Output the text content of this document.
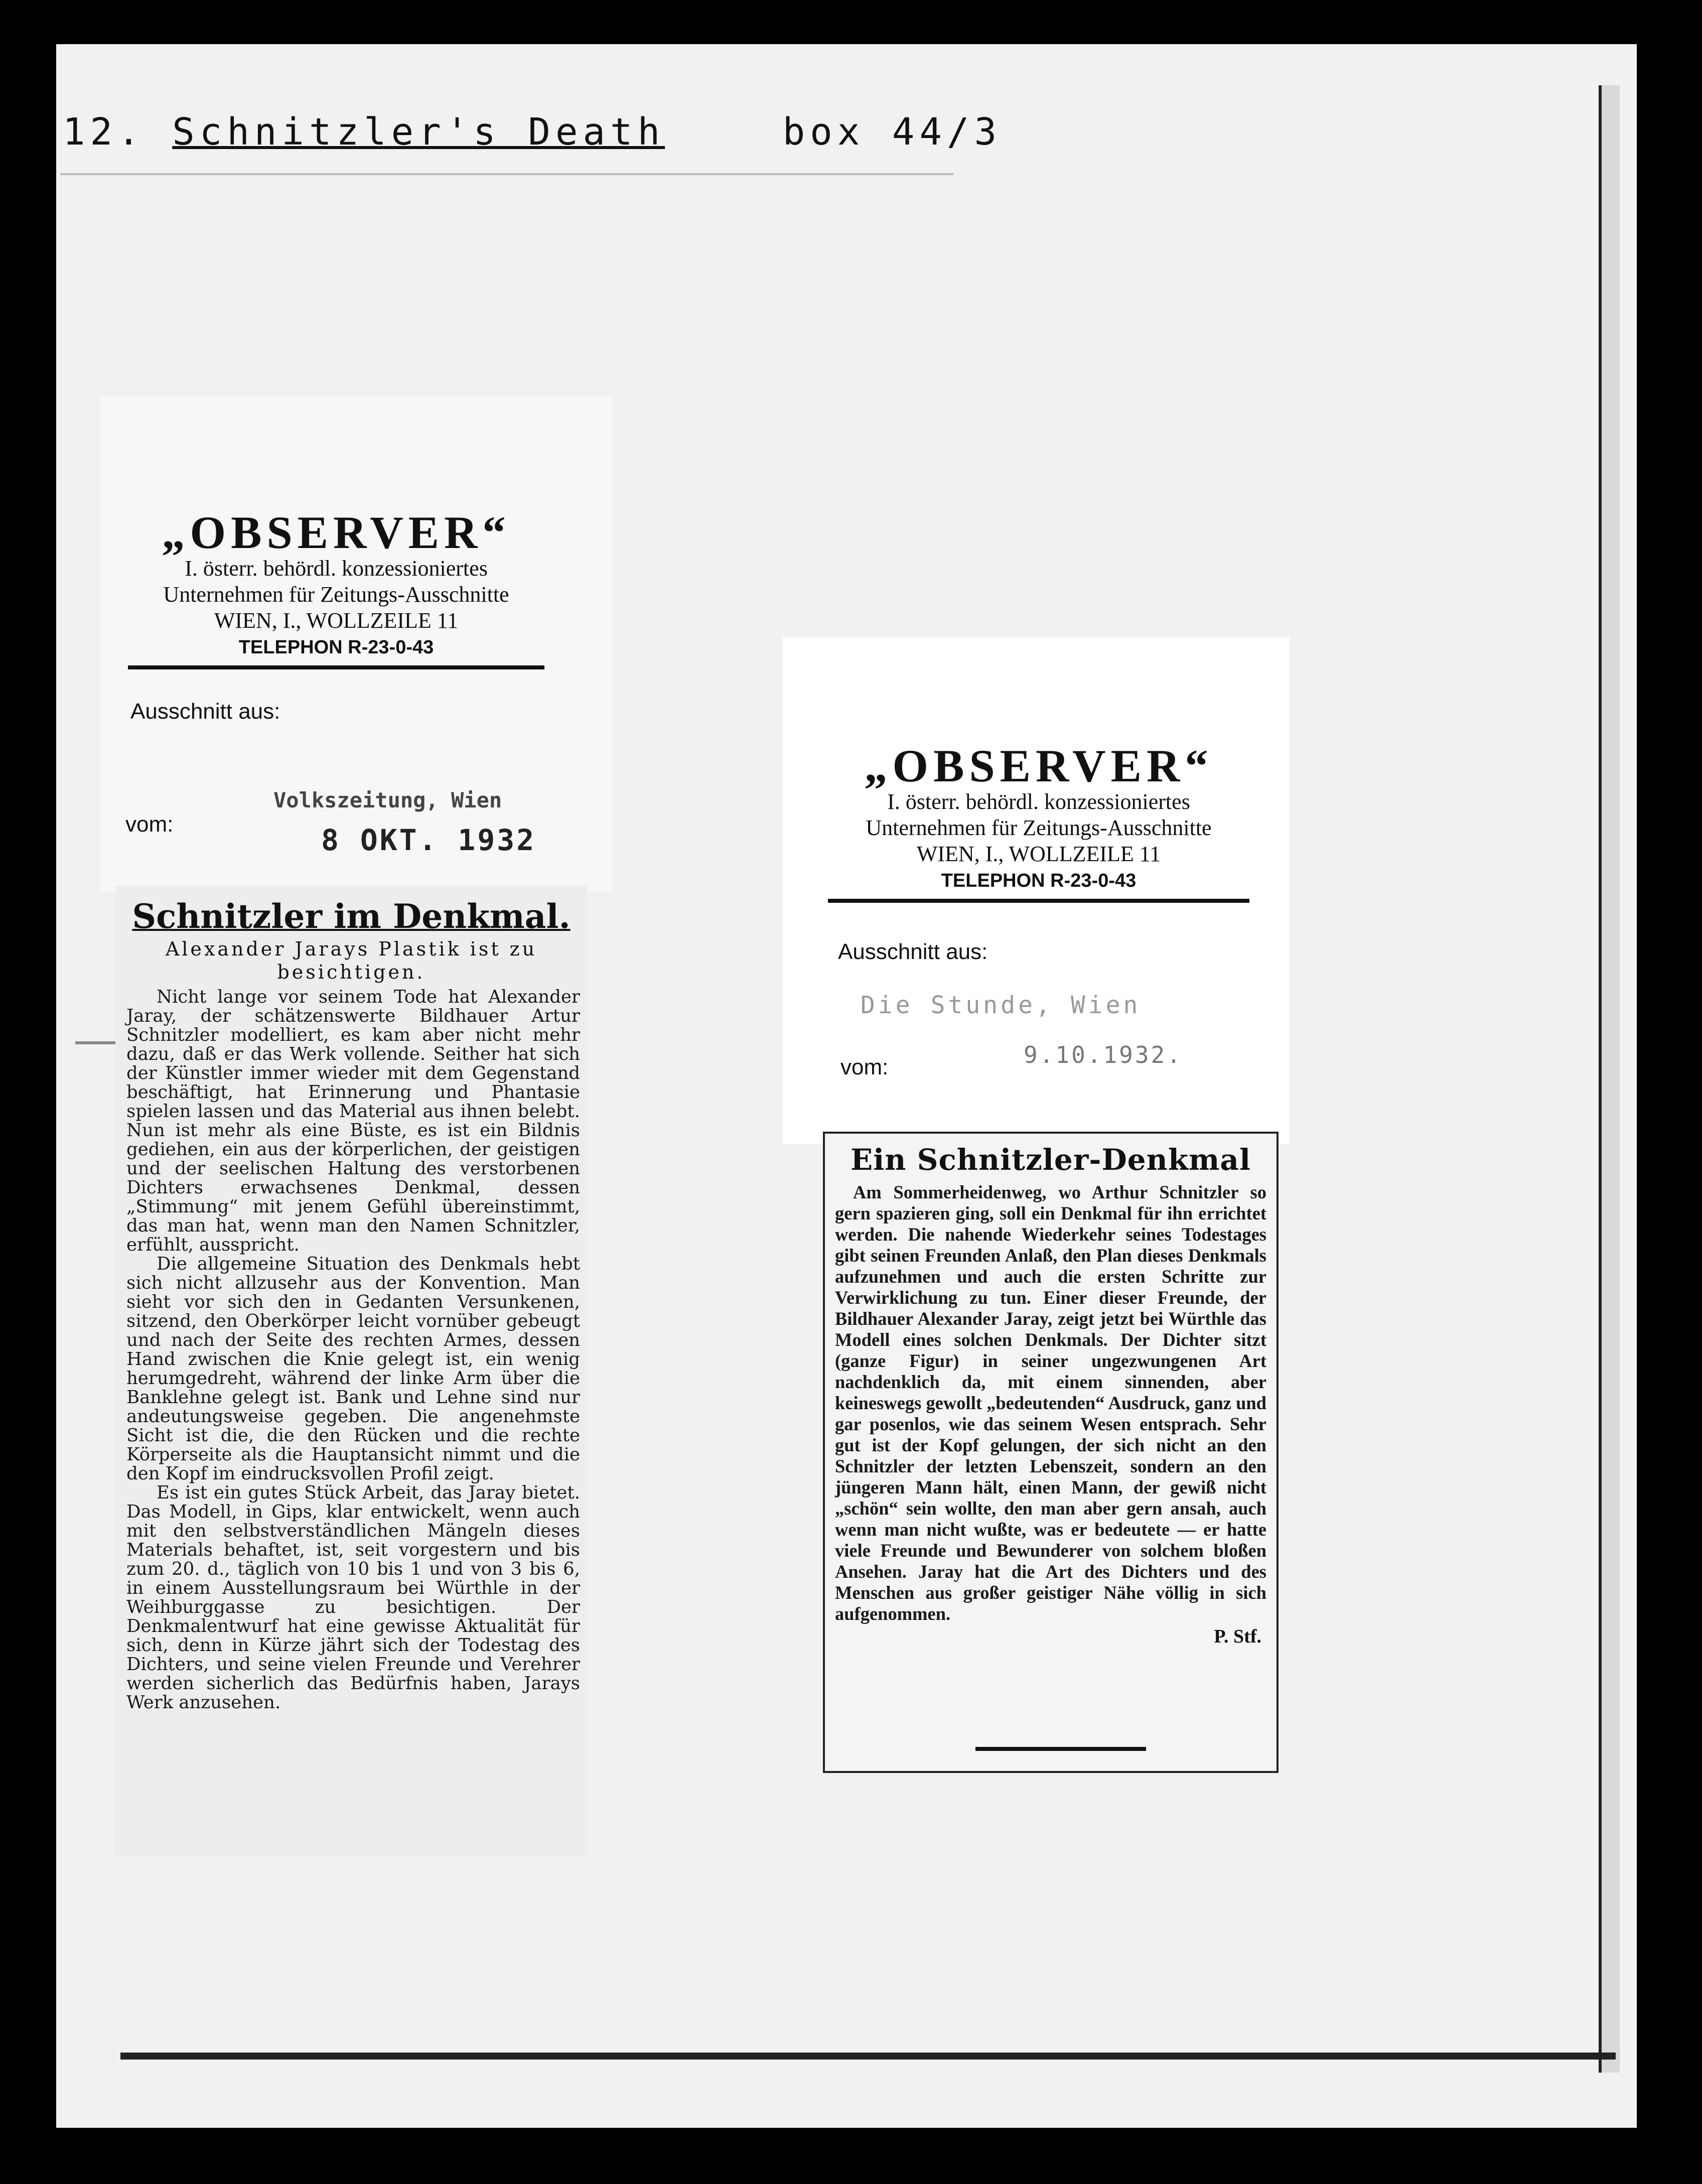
12. Schnitzler's Death	box 44/3
„OBSERVER“
I. österr. behördl. konzessioniertes
Unternehmen für Zeitungs-Ausschnitte
WIEN, I., WOLLZEILE 11
TELEPHON R-23-0-43
Ausschnitt aus:
vom:
Volkszeitung, Wien
8 OKT. 1932
Schnitzler im Denkmal.
Alexander Jarays Plastik ist zu besichtigen.

Nicht lange vor seinem Tode hat Alexander Jaray, der schätzenswerte Bildhauer Artur Schnitzler modelliert, es kam aber nicht mehr dazu, daß er das Werk vollende. Seither hat sich der Künstler immer wieder mit dem Gegenstand beschäftigt, hat Erinnerung und Phantasie spielen lassen und das Material aus ihnen belebt. Nun ist mehr als eine Büste, es ist ein Bildnis gediehen, ein aus der körperlichen, der geistigen und der seelischen Haltung des verstorbenen Dichters erwachsenes Denkmal, dessen „Stimmung“ mit jenem Gefühl übereinstimmt, das man hat, wenn man den Namen Schnitzler, erfühlt, ausspricht.

Die allgemeine Situation des Denkmals hebt sich nicht allzusehr aus der Konvention. Man sieht vor sich den in Gedanten Versunkenen, sitzend, den Oberkörper leicht vornüber gebeugt und nach der Seite des rechten Armes, dessen Hand zwischen die Knie gelegt ist, ein wenig herumgedreht, während der linke Arm über die Banklehne gelegt ist. Bank und Lehne sind nur andeutungsweise gegeben. Die angenehmste Sicht ist die, die den Rücken und die rechte Körperseite als die Hauptansicht nimmt und die den Kopf im eindrucksvollen Profil zeigt.

Es ist ein gutes Stück Arbeit, das Jaray bietet. Das Modell, in Gips, klar entwickelt, wenn auch mit den selbstverständlichen Mängeln dieses Materials behaftet, ist, seit vorgestern und bis zum 20. d., täglich von 10 bis 1 und von 3 bis 6, in einem Ausstellungsraum bei Würthle in der Weihburggasse zu besichtigen. Der Denkmalentwurf hat eine gewisse Aktualität für sich, denn in Kürze jährt sich der Todestag des Dichters, und seine vielen Freunde und Verehrer werden sicherlich das Bedürfnis haben, Jarays Werk anzusehen.

„OBSERVER“
I. österr. behördl. konzessioniertes
Unternehmen für Zeitungs-Ausschnitte
WIEN, I., WOLLZEILE 11
TELEPHON R-23-0-43
Ausschnitt aus:
vom:
Die Stunde, Wien
9.10.1932.
Ein Schnitzler-Denkmal

Am Sommerheidenweg, wo Arthur Schnitzler so gern spazieren ging, soll ein Denkmal für ihn errichtet werden. Die nahende Wiederkehr seines Todestages gibt seinen Freunden Anlaß, den Plan dieses Denkmals aufzunehmen und auch die ersten Schritte zur Verwirklichung zu tun. Einer dieser Freunde, der Bildhauer Alexander Jaray, zeigt jetzt bei Würthle das Modell eines solchen Denkmals. Der Dichter sitzt (ganze Figur) in seiner ungezwungenen Art nachdenklich da, mit einem sinnenden, aber keineswegs gewollt „bedeutenden“ Ausdruck, ganz und gar posenlos, wie das seinem Wesen entsprach. Sehr gut ist der Kopf gelungen, der sich nicht an den Schnitzler der letzten Lebenszeit, sondern an den jüngeren Mann hält, einen Mann, der gewiß nicht „schön“ sein wollte, den man aber gern ansah, auch wenn man nicht wußte, was er bedeutete — er hatte viele Freunde und Bewunderer von solchem bloßen Ansehen. Jaray hat die Art des Dichters und des Menschen aus großer geistiger Nähe völlig in sich aufgenommen.

P. Stf.
